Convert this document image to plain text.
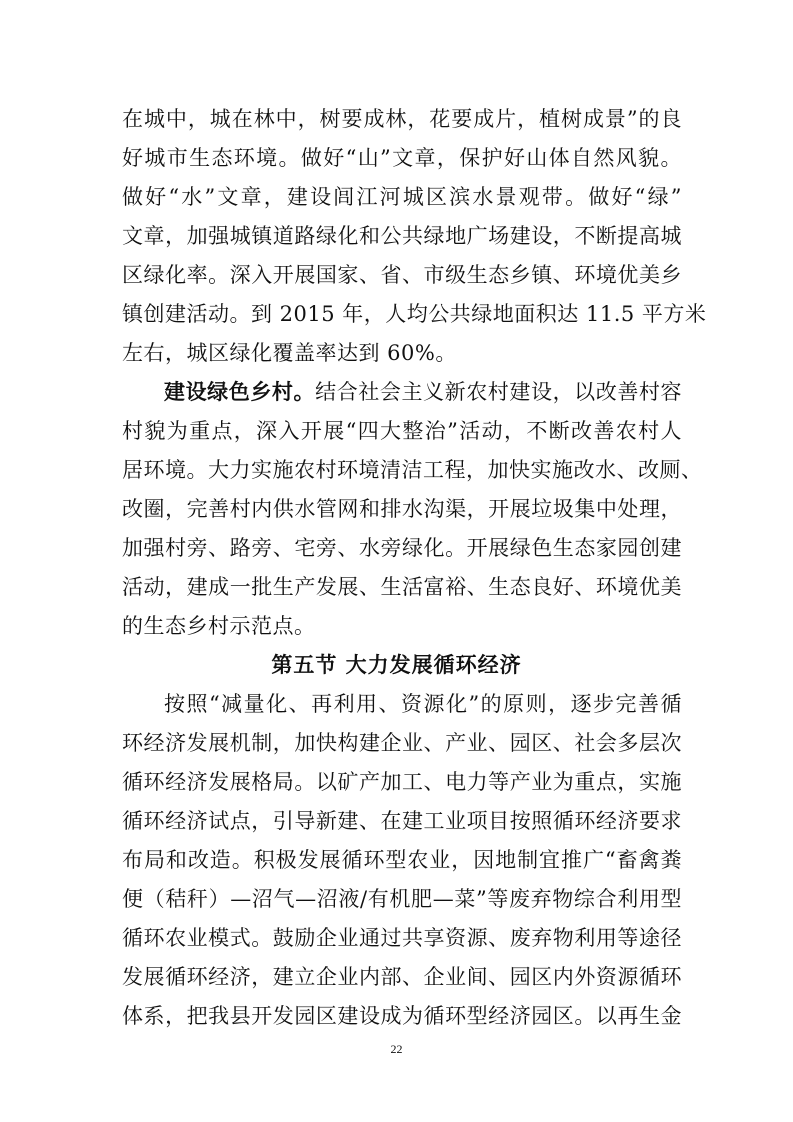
在城中，城在林中，树要成林，花要成片，植树成景”的良
好城市生态环境。做好“山”文章，保护好山体自然风貌。
做好“水”文章，建设闾江河城区滨水景观带。做好“绿”
文章，加强城镇道路绿化和公共绿地广场建设，不断提高城
区绿化率。深入开展国家、省、市级生态乡镇、环境优美乡
镇创建活动。到 2015 年，人均公共绿地面积达 11.5 平方米
左右，城区绿化覆盖率达到 60%。
建设绿色乡村。结合社会主义新农村建设，以改善村容
村貌为重点，深入开展“四大整治”活动，不断改善农村人
居环境。大力实施农村环境清洁工程，加快实施改水、改厕、
改圈，完善村内供水管网和排水沟渠，开展垃圾集中处理，
加强村旁、路旁、宅旁、水旁绿化。开展绿色生态家园创建
活动，建成一批生产发展、生活富裕、生态良好、环境优美
的生态乡村示范点。
第五节 大力发展循环经济
按照“减量化、再利用、资源化”的原则，逐步完善循
环经济发展机制，加快构建企业、产业、园区、社会多层次
循环经济发展格局。以矿产加工、电力等产业为重点，实施
循环经济试点，引导新建、在建工业项目按照循环经济要求
布局和改造。积极发展循环型农业，因地制宜推广“畜禽粪
便（秸秆）—沼气—沼液/有机肥—菜”等废弃物综合利用型
循环农业模式。鼓励企业通过共享资源、废弃物利用等途径
发展循环经济，建立企业内部、企业间、园区内外资源循环
体系，把我县开发园区建设成为循环型经济园区。以再生金
22
